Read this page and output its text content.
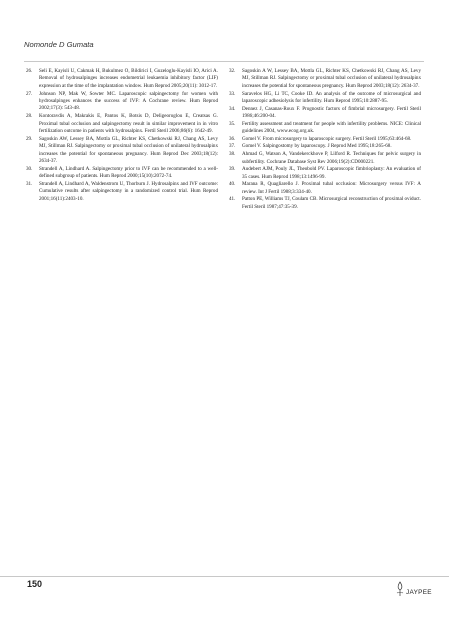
Nomonde D Gumata
26.	Seli E, Kayisli U, Cakmak H, Bukulmez O, Bildirici I, Guzeloglu-Kayisli IO, Arici A. Removal of hydrosalpinges increases endometrial leukaemia inhibitory factor (LIF) expression at the time of the implantation window. Hum Reprod 2005;20(11): 3012-17.
27.	Johnson NP, Mak W, Sowter MC. Laparoscopic salpingectomy for women with hydrosalpinges enhances the success of IVF: A Cochrane review. Hum Reprod 2002;17(3): 543-48.
28.	Kontoravdis A, Makrakis E, Pantos K, Botsis D, Deligeoroglou E, Creatsas G. Proximal tubal occlusion and salpingectomy result in similar improvement in in vitro fertilization outcome in patients with hydrosalpinx. Fertil Steril 2006;86(6): 1642-49.
29.	Sagoskin AW, Lessey BA, Mottla GL, Richter KS, Chetkowski RJ, Chang AS, Levy MJ, Stillman RJ. Salpingectomy or proximal tubal occlusion of unilateral hydrosalpinx increases the potential for spontaneous pregnancy. Hum Reprod Dec 2003;18(12): 2634-37.
30.	Strandell A, Lindhard A. Salpingectomy prior to IVF can be recommended to a well-defined subgroup of patients. Hum Reprod 2000;15(10):2072-74.
31.	Strandell A, Lindhard A, Waldenstrom U, Thorburn J. Hydrosalpinx and IVF outcome: Cumulative results after salpingectomy in a randomized control trial. Hum Reprod 2001;16(11):2403-10.
32.	Sagoskin A W, Lessey BA, Mottla GL, Richter KS, Chetkowski RJ, Chang AS, Levy MJ, Stillman RJ. Salpingectomy or proximal tubal occlusion of unilateral hydrosalpinx increases the potential for spontaneous pregnancy. Hum Reprod 2003;18(12): 2634-37.
33.	Saravelos HG, Li TC, Cooke ID. An analysis of the outcome of microsurgical and laparoscopic adhesiolysis for infertility. Hum Reprod 1995;10:2887-95.
34.	Dennez J, Casanas-Roux F. Prognostic factors of fimbrial microsurgery. Fertil Steril 1986;46:200-04.
35.	Fertility assessment and treatment for people with infertility problems. NICE: Clinical guidelines 2004, www.ecog.org.uk.
36.	Gomel V. From microsurgery to laparoscopic surgery. Fertil Steril 1995;63:464-68.
37.	Gomel V. Salpingostomy by laparoscopy. J Reprod Med 1995;18:265-68.
38.	Ahmad G, Watson A, Vandekerckhove P, Lilford R. Techniques for pelvic surgery in subfertility. Cochrane Database Syst Rev 2006;19(2):CD000221.
39.	Audebert AJM, Pouly JL, Theobold PV. Laparoscopic fimbrioplasty: An evaluation of 35 cases. Hum Reprod 1998;13:1496-99.
40.	Marana R, Quagliarello J. Proximal tubal occlusion: Microsurgery versus IVF: A review. Int J Fertil 1988;3:334-40.
41.	Patton PE, Williams TJ, Coulam CB. Microsurgical reconstruction of proximal oviduct. Fertil Steril 1987;47:35-39.
150
JAYPEE
